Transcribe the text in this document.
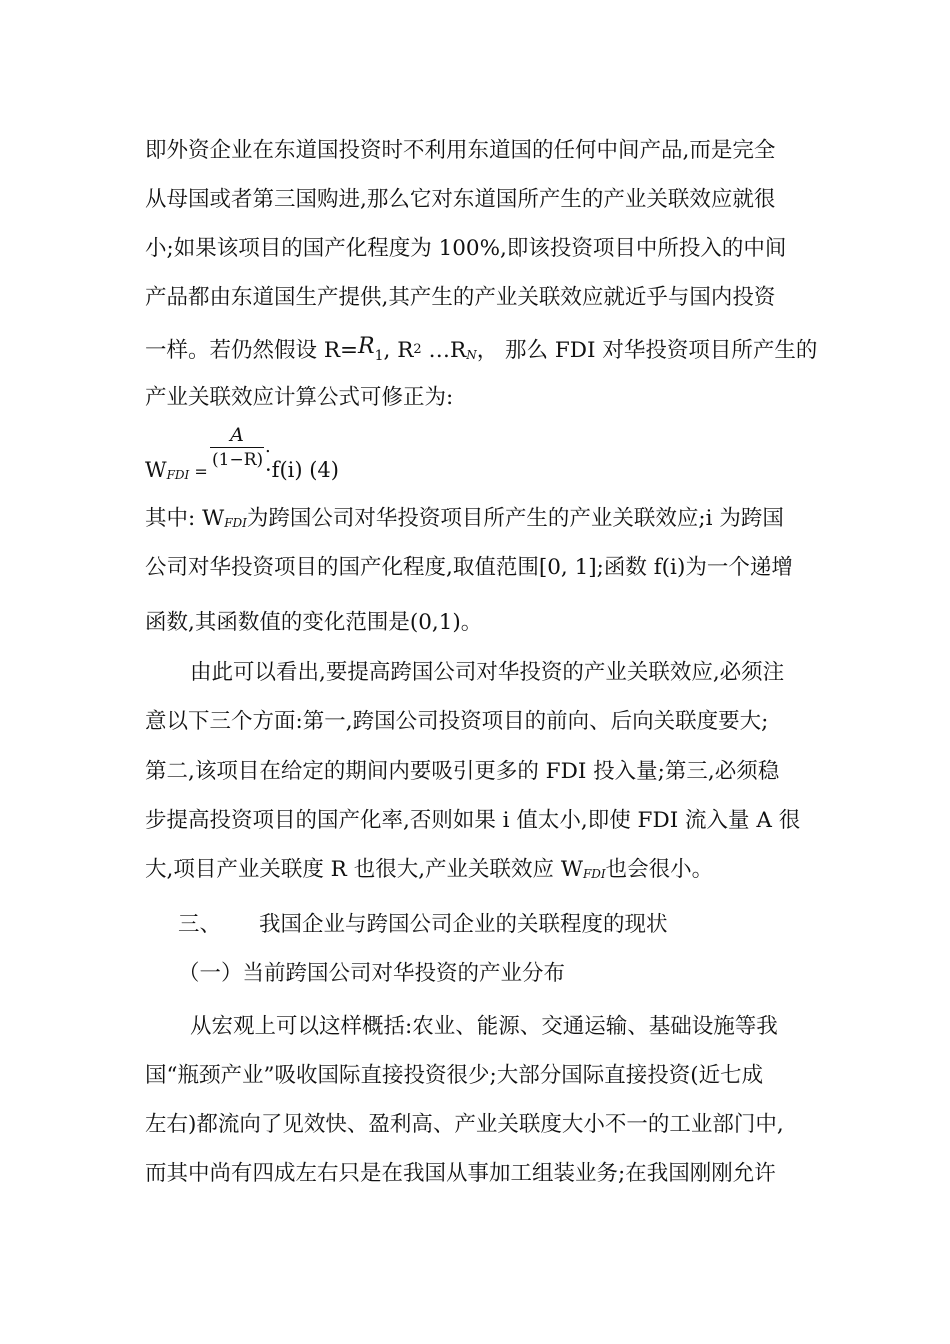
即外资企业在东道国投资时不利用东道国的任何中间产品,而是完全
从母国或者第三国购进,那么它对东道国所产生的产业关联效应就很
小;如果该项目的国产化程度为 100%,即该投资项目中所投入的中间
产品都由东道国生产提供,其产生的产业关联效应就近乎与国内投资
一样。若仍然假设 $R=R_1$, $R^2$ …RN， 那么 FDI 对华投资项目所产生的
产业关联效应计算公式可修正为:
WFDI =
A
(1−R)
.
·f(i) (4)
其中: WFDI为跨国公司对华投资项目所产生的产业关联效应;i 为跨国
公司对华投资项目的国产化程度,取值范围[0, 1];函数 f(i)为一个递增
函数,其函数值的变化范围是(0,1)。
由此可以看出,要提高跨国公司对华投资的产业关联效应,必须注
意以下三个方面:第一,跨国公司投资项目的前向、后向关联度要大;
第二,该项目在给定的期间内要吸引更多的 FDI 投入量;第三,必须稳
步提高投资项目的国产化率,否则如果 i 值太小,即使 FDI 流入量 A 很
大,项目产业关联度 R 也很大,产业关联效应 WFDI也会很小。
三、 我国企业与跨国公司企业的关联程度的现状
（一）当前跨国公司对华投资的产业分布
从宏观上可以这样概括:农业、能源、交通运输、基础设施等我
国“瓶颈产业”吸收国际直接投资很少;大部分国际直接投资(近七成
左右)都流向了见效快、盈利高、产业关联度大小不一的工业部门中,
而其中尚有四成左右只是在我国从事加工组装业务;在我国刚刚允许
